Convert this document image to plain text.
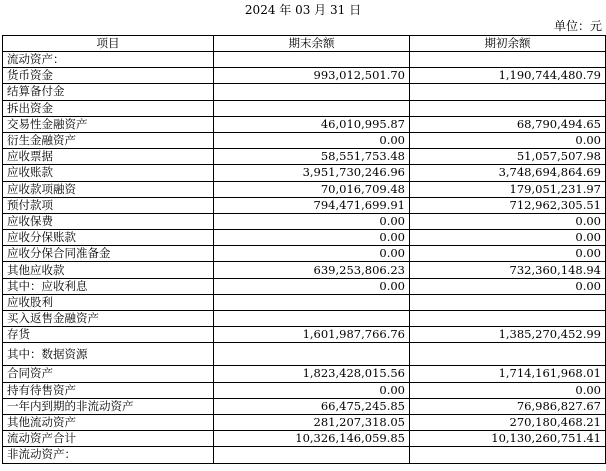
2024 年 03 月 31 日
单位：元
项目	期末余额	期初余额
流动资产：		
货币资金	993,012,501.70	1,190,744,480.79
结算备付金		
拆出资金		
交易性金融资产	46,010,995.87	68,790,494.65
衍生金融资产	0.00	0.00
应收票据	58,551,753.48	51,057,507.98
应收账款	3,951,730,246.96	3,748,694,864.69
应收款项融资	70,016,709.48	179,051,231.97
预付款项	794,471,699.91	712,962,305.51
应收保费	0.00	0.00
应收分保账款	0.00	0.00
应收分保合同准备金	0.00	0.00
其他应收款	639,253,806.23	732,360,148.94
其中：应收利息	0.00	0.00
应收股利		
买入返售金融资产		
存货	1,601,987,766.76	1,385,270,452.99
其中：数据资源		
合同资产	1,823,428,015.56	1,714,161,968.01
持有待售资产	0.00	0.00
一年内到期的非流动资产	66,475,245.85	76,986,827.67
其他流动资产	281,207,318.05	270,180,468.21
流动资产合计	10,326,146,059.85	10,130,260,751.41
非流动资产：		
